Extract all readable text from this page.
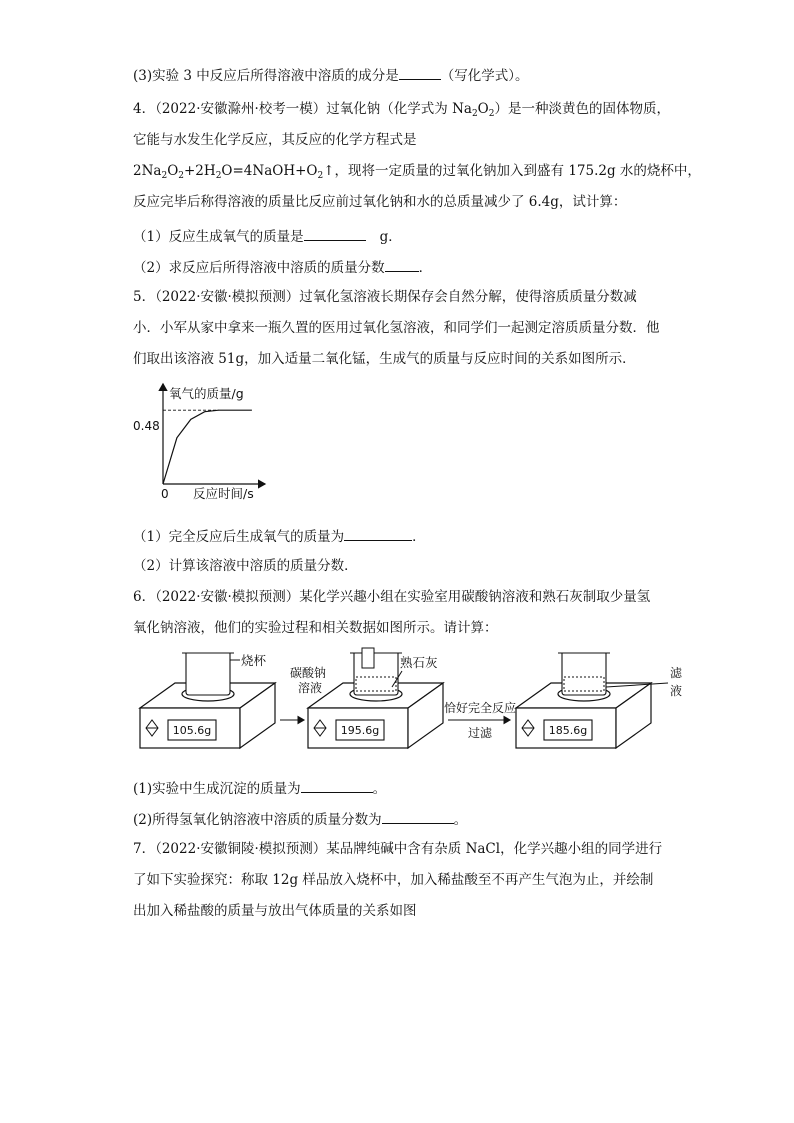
(3)实验 3 中反应后所得溶液中溶质的成分是	（写化学式）。
4．（2022·安徽滁州·校考一模）过氧化钠（化学式为 $Na_2O_2$）是一种淡黄色的固体物质，
它能与水发生化学反应，其反应的化学方程式是
$2Na_2O_2+2H_2O=4NaOH+O_2↑$，现将一定质量的过氧化钠加入到盛有 175.2g 水的烧杯中，
反应完毕后称得溶液的质量比反应前过氧化钠和水的总质量减少了 6.4g，试计算：
（1）反应生成氧气的质量是	g．
（2）求反应后所得溶液中溶质的质量分数	．
5．（2022·安徽·模拟预测）过氧化氢溶液长期保存会自然分解，使得溶质质量分数减
小．小军从家中拿来一瓶久置的医用过氧化氢溶液，和同学们一起测定溶质质量分数．他
们取出该溶液 51g，加入适量二氧化锰，生成气的质量与反应时间的关系如图所示．
氧气的质量/g
0.48
0 反应时间/s
（1）完全反应后生成氧气的质量为	．
（2）计算该溶液中溶质的质量分数．
6．（2022·安徽·模拟预测）某化学兴趣小组在实验室用碳酸钠溶液和熟石灰制取少量氢
氧化钠溶液，他们的实验过程和相关数据如图所示。请计算：
105.6g
烧杯
195.6g
碳酸钠
溶液
熟石灰
恰好完全反应
过滤	185.6g
滤
液
(1)实验中生成沉淀的质量为	。
(2)所得氢氧化钠溶液中溶质的质量分数为	。
7．（2022·安徽铜陵·模拟预测）某品牌纯碱中含有杂质 NaCl，化学兴趣小组的同学进行
了如下实验探究：称取 12g 样品放入烧杯中，加入稀盐酸至不再产生气泡为止，并绘制
出加入稀盐酸的质量与放出气体质量的关系如图
